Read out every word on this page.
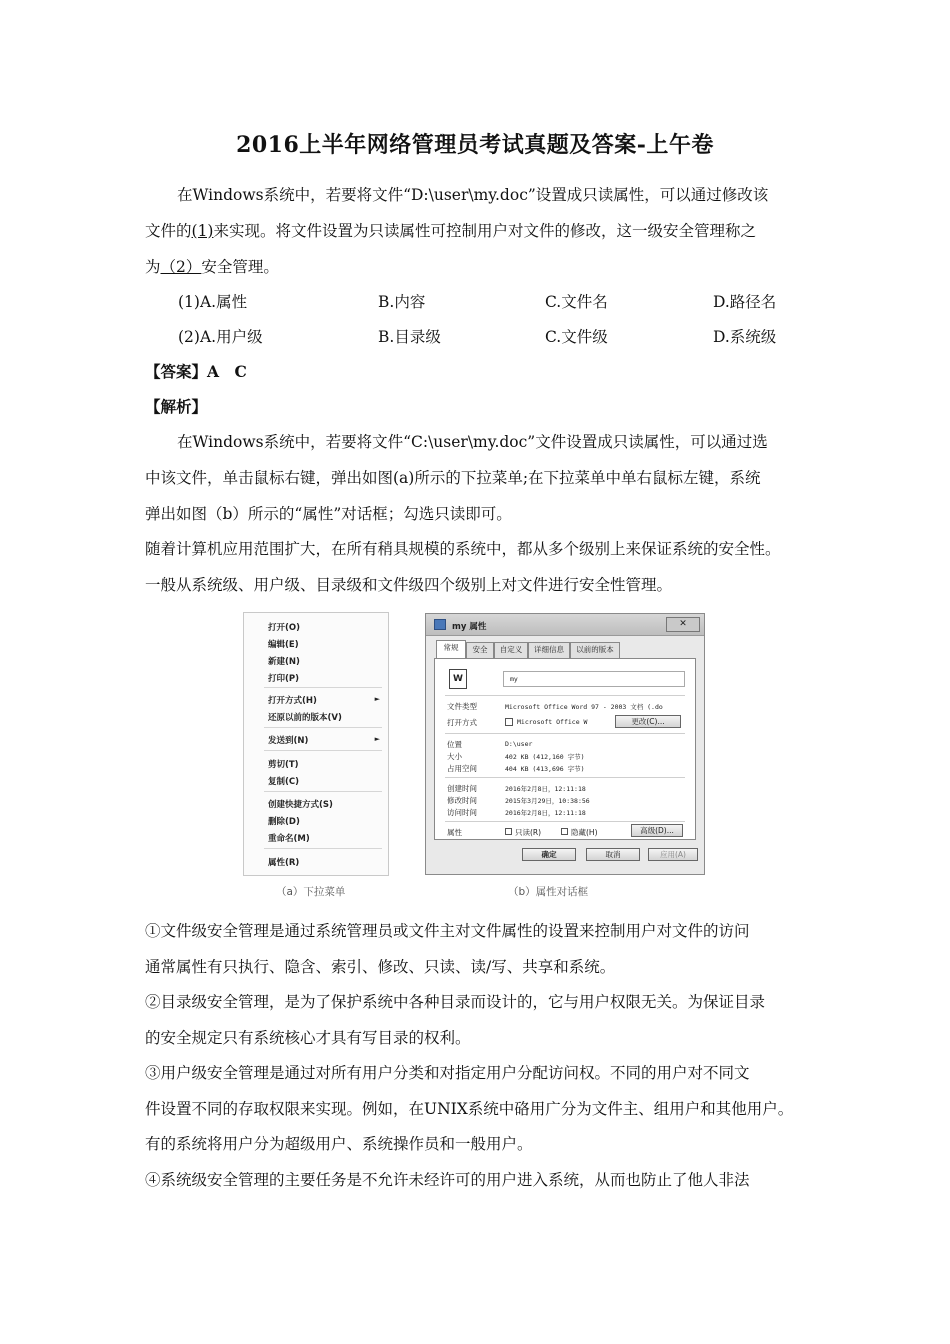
2016上半年网络管理员考试真题及答案-上午卷
在Windows系统中，若要将文件“D:\user\my.doc”设置成只读属性，可以通过修改该
文件的(1)来实现。将文件设置为只读属性可控制用户对文件的修改，这一级安全管理称之
为（2）安全管理。
(1)A.属性	B.内容	C.文件名	D.路径名
(2)A.用户级	B.目录级	C.文件级	D.系统级
【答案】A　C
【解析】
在Windows系统中，若要将文件“C:\user\my.doc”文件设置成只读属性，可以通过选
中该文件，单击鼠标右键，弹出如图(a)所示的下拉菜单;在下拉菜单中单右鼠标左键，系统
弹出如图（b）所示的“属性”对话框；勾选只读即可。
随着计算机应用范围扩大，在所有稍具规模的系统中，都从多个级别上来保证系统的安全性。
一般从系统级、用户级、目录级和文件级四个级别上对文件进行安全性管理。
打开(O)
编辑(E)
新建(N)
打印(P)
打开方式(H)	►
还原以前的版本(V)
发送到(N)	►
剪切(T)
复制(C)
创建快捷方式(S)
删除(D)
重命名(M)
属性(R)
my 属性	✕
常规	安全	自定义	详细信息	以前的版本
W	my
文件类型	Microsoft Office Word 97 - 2003 文档 (.do
打开方式	Microsoft Office W	更改(C)...
位置	D:\user
大小	402 KB (412,160 字节)
占用空间	404 KB (413,696 字节)
创建时间	2016年2月8日，12:11:18
修改时间	2015年3月29日，10:38:56
访问时间	2016年2月8日，12:11:18
属性	只读(R)	隐藏(H)	高级(D)...
确定	取消	应用(A)
（a）下拉菜单	（b）属性对话框
①文件级安全管理是通过系统管理员或文件主对文件属性的设置来控制用户对文件的访问
通常属性有只执行、隐含、索引、修改、只读、读/写、共享和系统。
②目录级安全管理，是为了保护系统中各种目录而设计的，它与用户权限无关。为保证目录
的安全规定只有系统核心才具有写目录的权利。
③用户级安全管理是通过对所有用户分类和对指定用户分配访问权。不同的用户对不同文
件设置不同的存取权限来实现。例如，在UNIX系统中硌用广分为文件主、组用户和其他用户。
有的系统将用户分为超级用户、系统操作员和一般用户。
④系统级安全管理的主要任务是不允许未经许可的用户进入系统，从而也防止了他人非法
